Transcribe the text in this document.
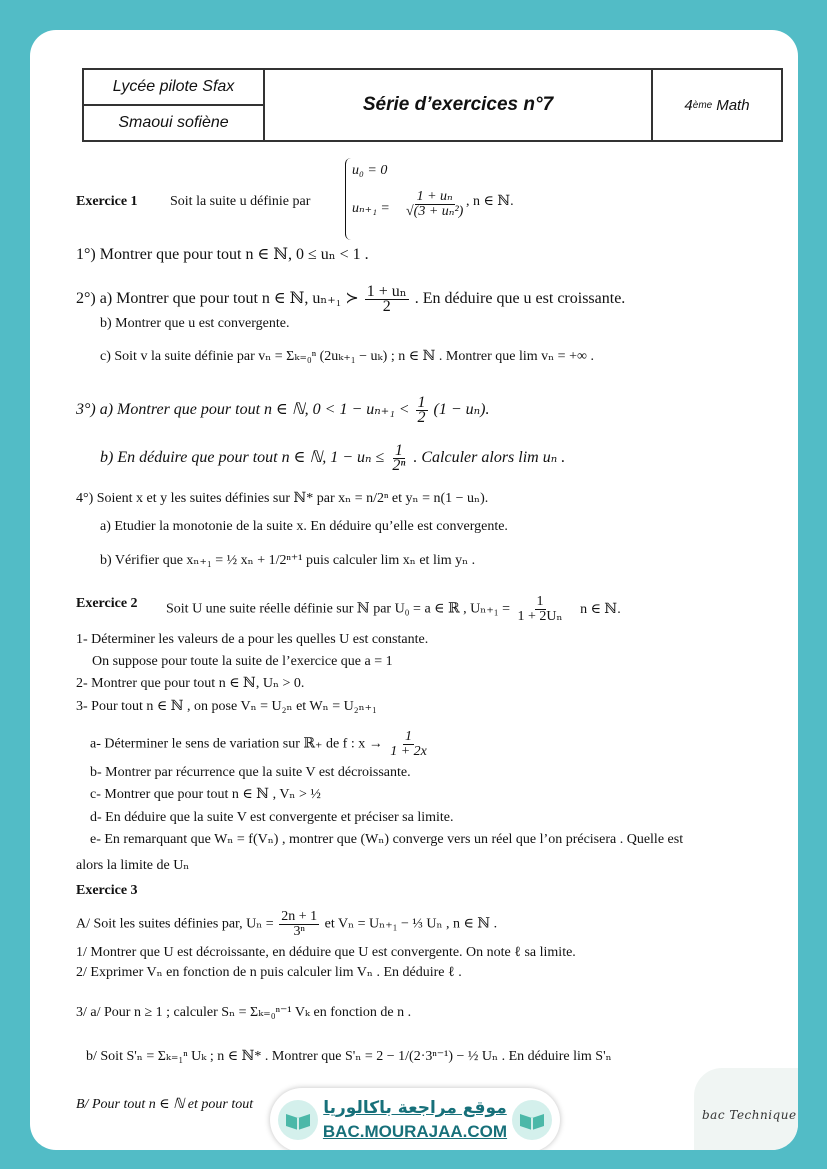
Lycée pilote Sfax
Smaoui sofiène
Série d’exercices n°7	4 ème Math
Exercice 1 Soit la suite u définie par
u₀ = 0
$u_{n+1} = \frac{\text{1 + uₙ}}{\text{√(3 + uₙ²)}}$ , n ∈ ℕ.
1°) Montrer que pour tout n ∈ ℕ, 0 ≤ uₙ < 1 .
2°) a) Montrer que pour tout n ∈ ℕ, uₙ₊₁ ≻ $\frac{\text{1 + uₙ}}{2}$ . En déduire que u est croissante.
b) Montrer que u est convergente.
c) Soit v la suite définie par vₙ = Σₖ₌₀ⁿ (2uₖ₊₁ − uₖ) ; n ∈ ℕ . Montrer que lim vₙ = +∞ .
3°) a) Montrer que pour tout n ∈ ℕ, $0 < 1 - u_{n+1} < \frac{1}{2} (1 - u_n)$.
b) En déduire que pour tout n ∈ ℕ, $1 - u_n \le \frac{1}{\text{2ⁿ}}$ . Calculer alors lim uₙ .
4°) Soient x et y les suites définies sur ℕ* par xₙ = n/2ⁿ et yₙ = n(1 − uₙ).
a) Etudier la monotonie de la suite x. En déduire qu’elle est convergente.
b) Vérifier que xₙ₊₁ = ½ xₙ + 1/2ⁿ⁺¹ puis calculer lim xₙ et lim yₙ .
Exercice 2 Soit U une suite réelle définie sur ℕ par U₀ = a ∈ ℝ , $U_{n+1} = \frac{1}{\text{1 + 2Uₙ}}$ n ∈ ℕ.
1- Déterminer les valeurs de a pour les quelles U est constante.
On suppose pour toute la suite de l’exercice que a = 1
2- Montrer que pour tout n ∈ ℕ, Uₙ > 0.
3- Pour tout n ∈ ℕ , on pose Vₙ = U₂ₙ et Wₙ = U₂ₙ₊₁
a- Déterminer le sens de variation sur ℝ₊ de f : $x \to \frac{1}{1 + 2x}$
b- Montrer par récurrence que la suite V est décroissante.
c- Montrer que pour tout n ∈ ℕ , Vₙ > ½
d- En déduire que la suite V est convergente et préciser sa limite.
e- En remarquant que Wₙ = f(Vₙ) , montrer que (Wₙ) converge vers un réel que l’on précisera . Quelle est
alors la limite de Uₙ
Exercice 3
A/ Soit les suites définies par, $U_n = \frac{2n + 1}{\text{3ⁿ}}$ et Vₙ = Uₙ₊₁ − ⅓ Uₙ , n ∈ ℕ .
1/ Montrer que U est décroissante, en déduire que U est convergente. On note ℓ sa limite.
2/ Exprimer Vₙ en fonction de n puis calculer lim Vₙ . En déduire ℓ .
3/ a/ Pour n ≥ 1 ; calculer Sₙ = Σₖ₌₀ⁿ⁻¹ Vₖ en fonction de n .
b/ Soit S'ₙ = Σₖ₌₁ⁿ Uₖ ; n ∈ ℕ* . Montrer que S'ₙ = 2 − 1/(2·3ⁿ⁻¹) − ½ Uₙ . En déduire lim S'ₙ
B/ Pour tout n ∈ ℕ et pour tout	موقع مراجعة باكالوريا
BAC.MOURAJAA.COM
bac Technique
